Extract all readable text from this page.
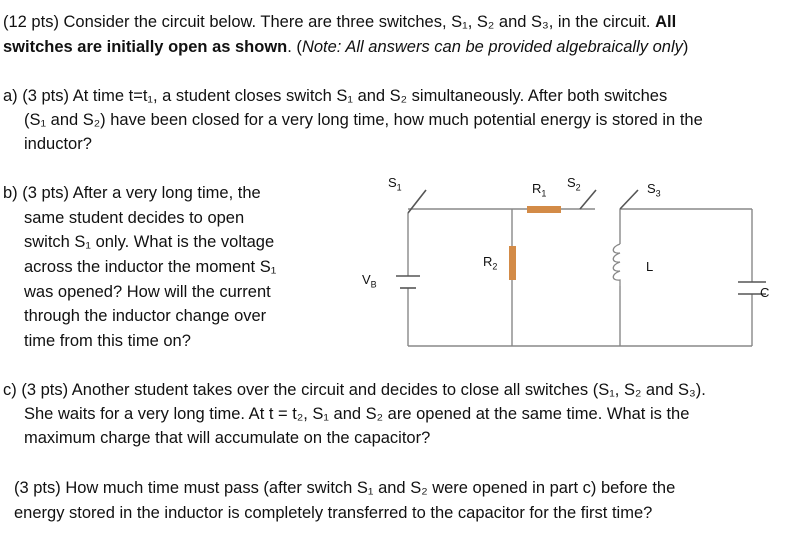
(12 pts) Consider the circuit below. There are three switches, S₁, S₂ and S₃, in the circuit. All
switches are initially open as shown. (Note: All answers can be provided algebraically only)
a) (3 pts) At time t=t₁, a student closes switch S₁ and S₂ simultaneously. After both switches
(S₁ and S₂) have been closed for a very long time, how much potential energy is stored in the
inductor?
b) (3 pts) After a very long time, the
same student decides to open
switch S₁ only. What is the voltage
across the inductor the moment S₁
was opened? How will the current
through the inductor change over
time from this time on?
$S_1$	$R_1$
$S_2$	$S_3$
$R_2$
$V_B$
L
C
c) (3 pts) Another student takes over the circuit and decides to close all switches (S₁, S₂ and S₃).
She waits for a very long time. At t = t₂, S₁ and S₂ are opened at the same time. What is the
maximum charge that will accumulate on the capacitor?
(3 pts) How much time must pass (after switch S₁ and S₂ were opened in part c) before the
energy stored in the inductor is completely transferred to the capacitor for the first time?
